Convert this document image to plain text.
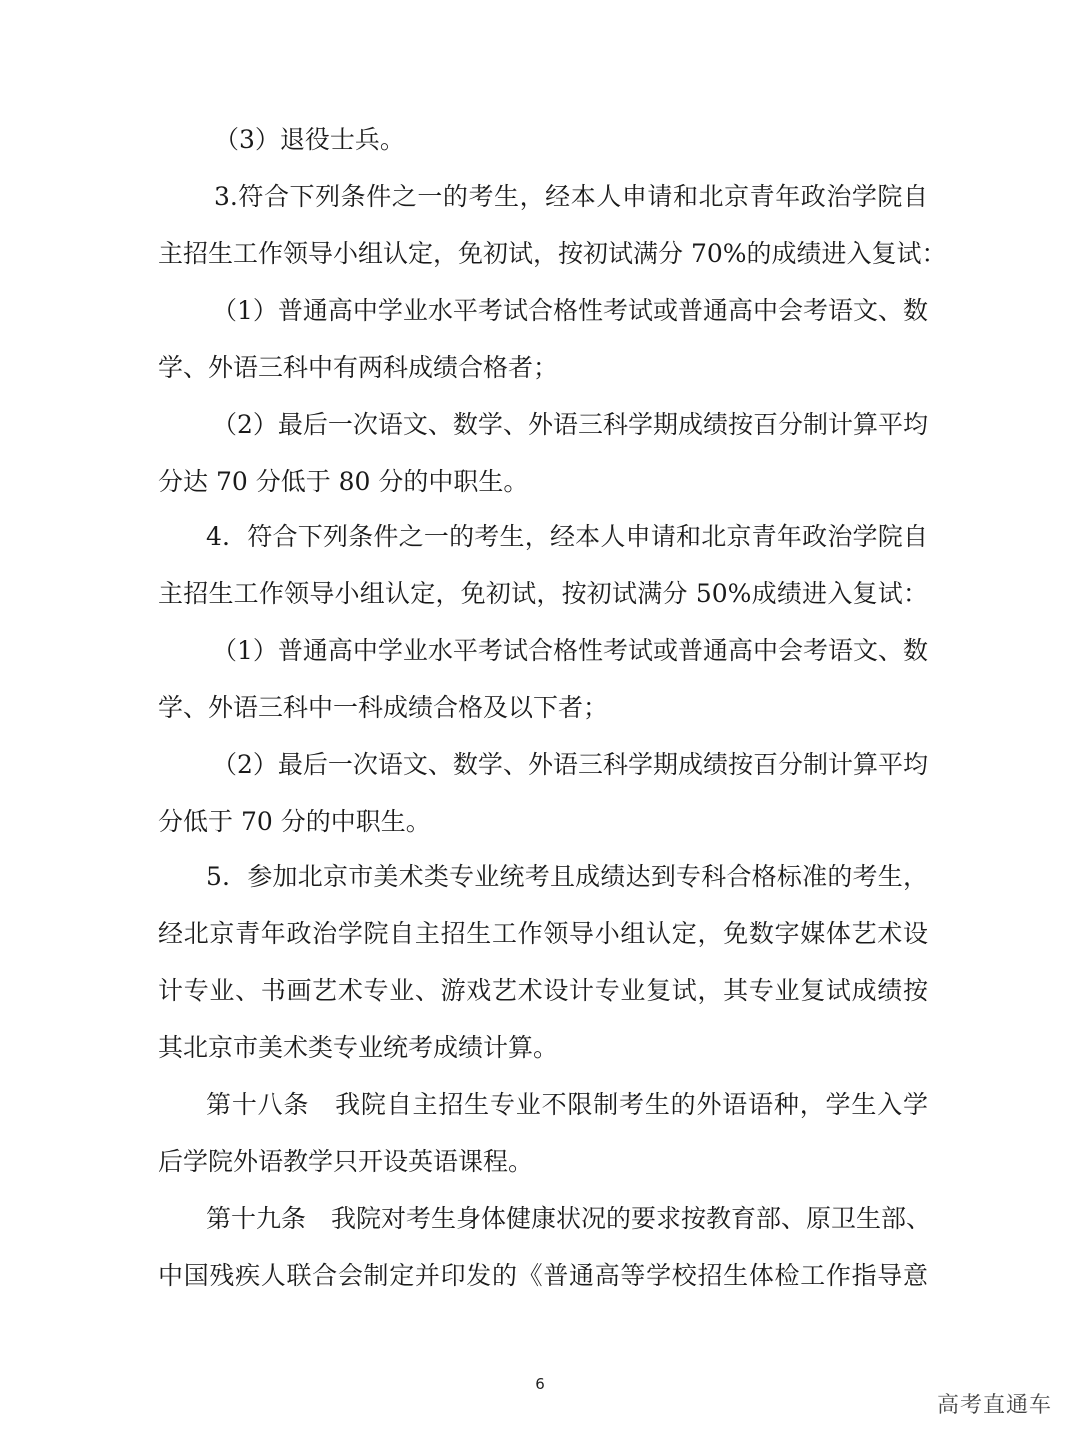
（3）退役士兵。
3.符合下列条件之一的考生，经本人申请和北京青年政治学院自
主招生工作领导小组认定，免初试，按初试满分 70%的成绩进入复试：
（1）普通高中学业水平考试合格性考试或普通高中会考语文、数
学、外语三科中有两科成绩合格者；
（2）最后一次语文、数学、外语三科学期成绩按百分制计算平均
分达 70 分低于 80 分的中职生。
4．符合下列条件之一的考生，经本人申请和北京青年政治学院自
主招生工作领导小组认定，免初试，按初试满分 50%成绩进入复试：
（1）普通高中学业水平考试合格性考试或普通高中会考语文、数
学、外语三科中一科成绩合格及以下者；
（2）最后一次语文、数学、外语三科学期成绩按百分制计算平均
分低于 70 分的中职生。
5．参加北京市美术类专业统考且成绩达到专科合格标准的考生，
经北京青年政治学院自主招生工作领导小组认定，免数字媒体艺术设
计专业、书画艺术专业、游戏艺术设计专业复试，其专业复试成绩按
其北京市美术类专业统考成绩计算。
第十八条　我院自主招生专业不限制考生的外语语种，学生入学
后学院外语教学只开设英语课程。
第十九条　我院对考生身体健康状况的要求按教育部、原卫生部、
中国残疾人联合会制定并印发的《普通高等学校招生体检工作指导意
6
高考直通车
